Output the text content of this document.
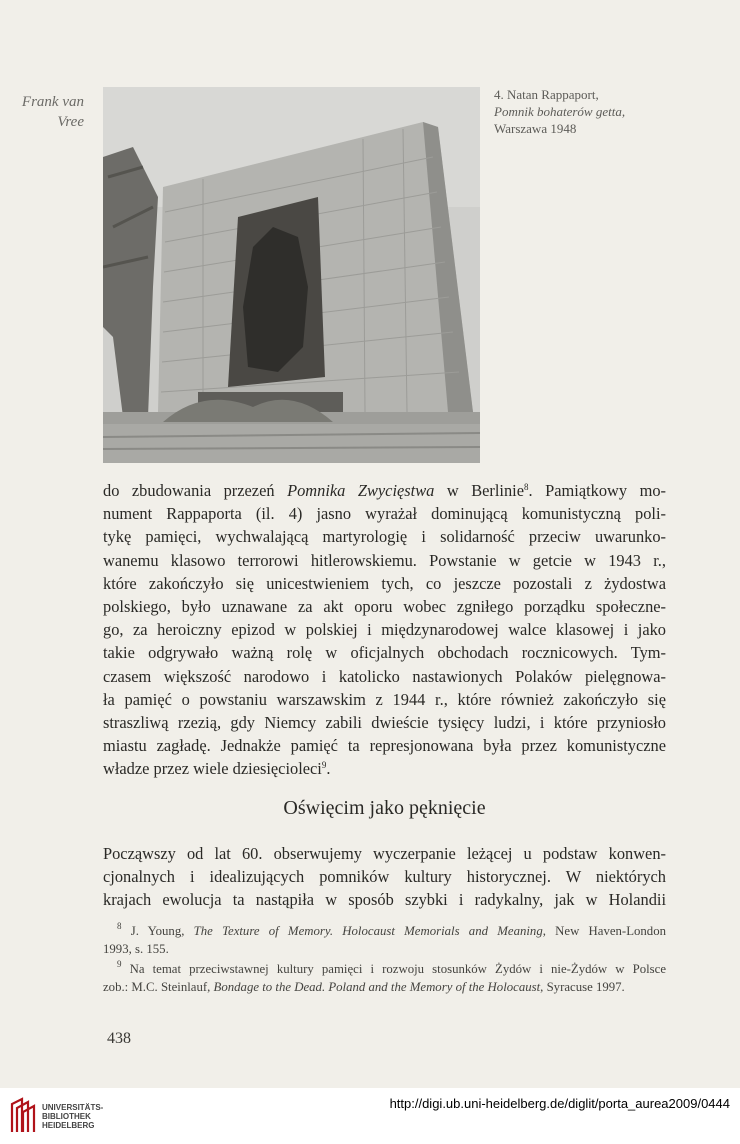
Frank van
Vree
4. Natan Rappaport,
Pomnik bohaterów getta,
Warszawa 1948
do zbudowania przezeń Pomnika Zwycięstwa w Berlinie$^8$. Pamiątkowy mo-
nument Rappaporta (il. 4) jasno wyrażał dominującą komunistyczną poli-
tykę pamięci, wychwalającą martyrologię i solidarność przeciw uwarunko-
wanemu klasowo terrorowi hitlerowskiemu. Powstanie w getcie w 1943 r.,
które zakończyło się unicestwieniem tych, co jeszcze pozostali z żydostwa
polskiego, było uznawane za akt oporu wobec zgniłego porządku społeczne-
go, za heroiczny epizod w polskiej i międzynarodowej walce klasowej i jako
takie odgrywało ważną rolę w oficjalnych obchodach rocznicowych. Tym-
czasem większość narodowo i katolicko nastawionych Polaków pielęgnowa-
ła pamięć o powstaniu warszawskim z 1944 r., które również zakończyło się
straszliwą rzezią, gdy Niemcy zabili dwieście tysięcy ludzi, i które przyniosło
miastu zagładę. Jednakże pamięć ta represjonowana była przez komunistyczne
władze przez wiele dziesięcioleci$^9$.
Oświęcim jako pęknięcie
Począwszy od lat 60. obserwujemy wyczerpanie leżącej u podstaw konwen-
cjonalnych i idealizujących pomników kultury historycznej. W niektórych
krajach ewolucja ta nastąpiła w sposób szybki i radykalny, jak w Holandii
$^8$ J. Young, The Texture of Memory. Holocaust Memorials and Meaning, New Haven-London
1993, s. 155.
$^9$ Na temat przeciwstawnej kultury pamięci i rozwoju stosunków Żydów i nie-Żydów w Polsce
zob.: M.C. Steinlauf, Bondage to the Dead. Poland and the Memory of the Holocaust, Syracuse 1997.
438
UNIVERSITÄTS-
BIBLIOTHEK
HEIDELBERG
http://digi.ub.uni-heidelberg.de/diglit/porta_aurea2009/0444
